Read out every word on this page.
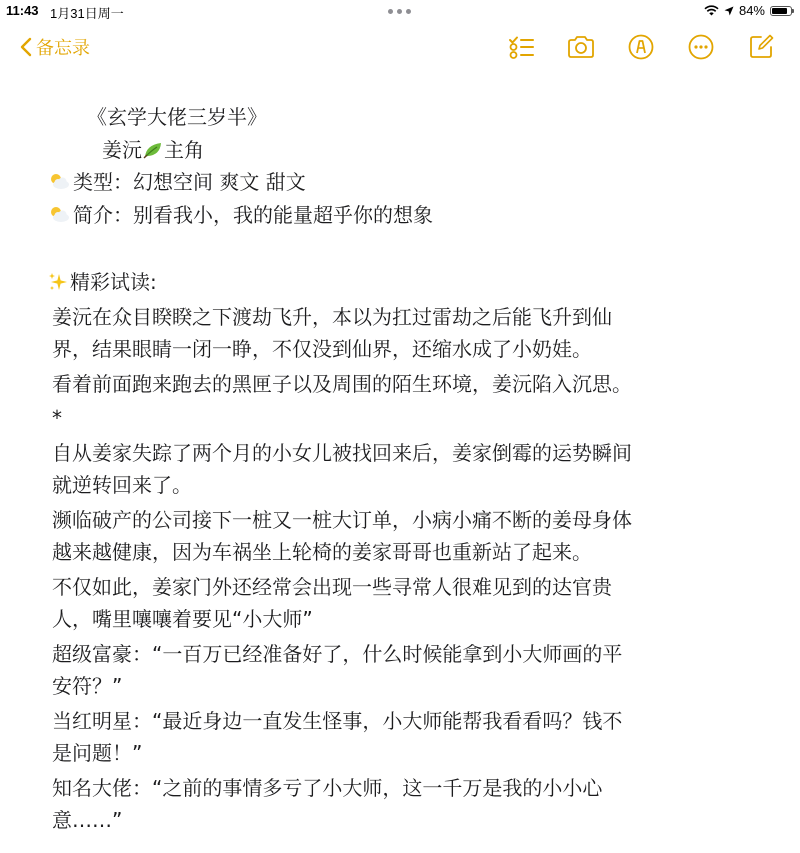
11:43 1月31日周一	84%
备忘录
《玄学大佬三岁半》
姜沅 主角
类型：幻想空间 爽文 甜文
简介：别看我小，我的能量超乎你的想象
精彩试读:
姜沅在众目睽睽之下渡劫飞升，本以为扛过雷劫之后能飞升到仙
界，结果眼睛一闭一睁，不仅没到仙界，还缩水成了小奶娃。
看着前面跑来跑去的黑匣子以及周围的陌生环境，姜沅陷入沉思。
*
自从姜家失踪了两个月的小女儿被找回来后，姜家倒霉的运势瞬间
就逆转回来了。
濒临破产的公司接下一桩又一桩大订单，小病小痛不断的姜母身体
越来越健康，因为车祸坐上轮椅的姜家哥哥也重新站了起来。
不仅如此，姜家门外还经常会出现一些寻常人很难见到的达官贵
人，嘴里嚷嚷着要见“小大师”
超级富豪：“一百万已经准备好了，什么时候能拿到小大师画的平
安符？”
当红明星：“最近身边一直发生怪事，小大师能帮我看看吗？钱不
是问题！”
知名大佬：“之前的事情多亏了小大师，这一千万是我的小小心
意……”
